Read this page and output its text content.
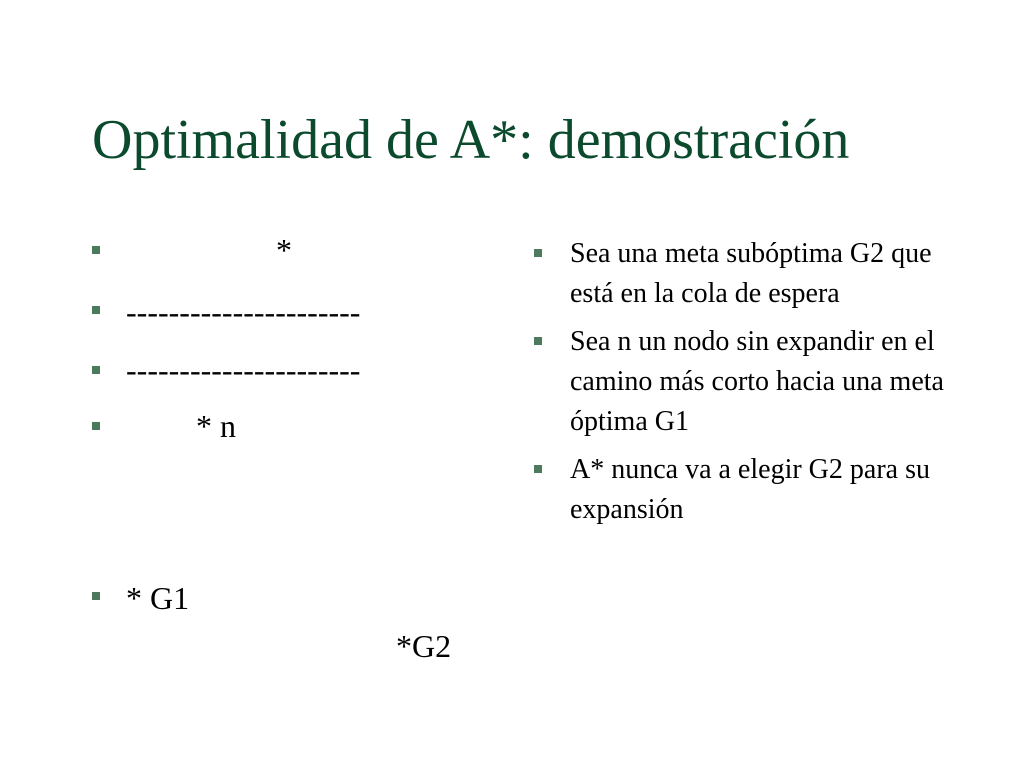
Optimalidad de A*: demostración
*
----------------------
----------------------
* n
* G1
*G2
Sea una meta subóptima G2 que está en la cola de espera
Sea n un nodo sin expandir en el camino más corto hacia una meta óptima G1
A* nunca va a elegir G2 para su expansión
